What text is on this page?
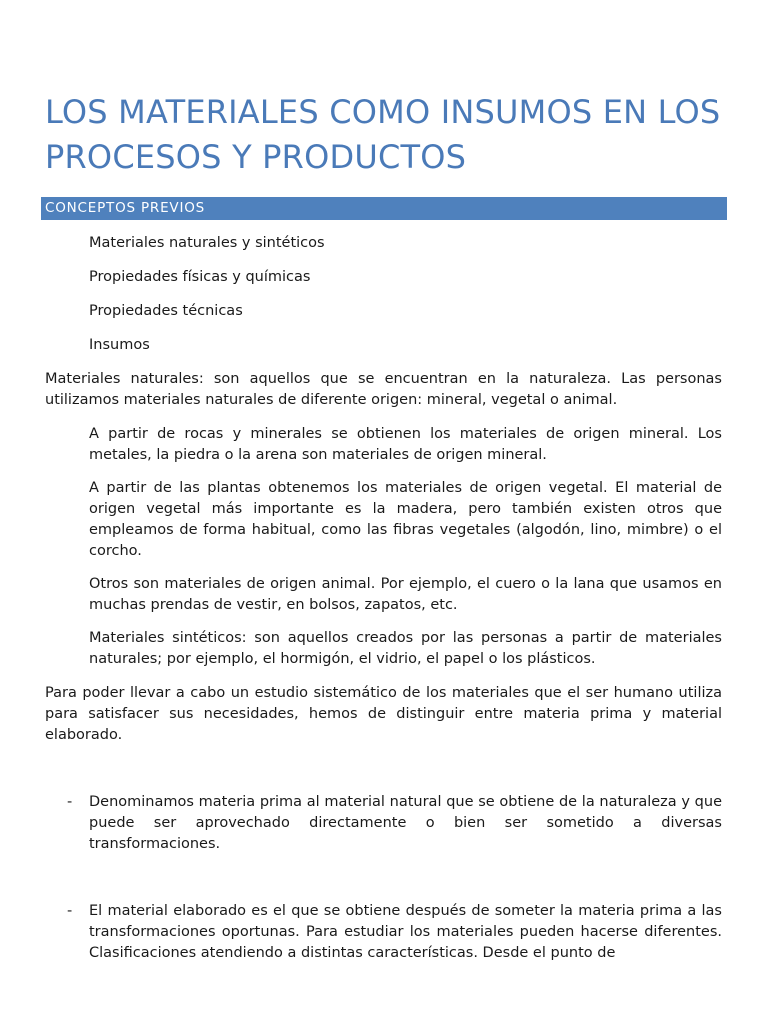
LOS MATERIALES COMO INSUMOS EN LOS PROCESOS Y PRODUCTOS
CONCEPTOS PREVIOS
Materiales naturales y sintéticos
Propiedades físicas y químicas
Propiedades técnicas
Insumos

Materiales naturales: son aquellos que se encuentran en la naturaleza. Las personas utilizamos materiales naturales de diferente origen: mineral, vegetal o animal.

A partir de rocas y minerales se obtienen los materiales de origen mineral. Los metales, la piedra o la arena son materiales de origen mineral.

A partir de las plantas obtenemos los materiales de origen vegetal. El material de origen vegetal más importante es la madera, pero también existen otros que empleamos de forma habitual, como las fibras vegetales (algodón, lino, mimbre) o el corcho.

Otros son materiales de origen animal. Por ejemplo, el cuero o la lana que usamos en muchas prendas de vestir, en bolsos, zapatos, etc.

Materiales sintéticos: son aquellos creados por las personas a partir de materiales naturales; por ejemplo, el hormigón, el vidrio, el papel o los plásticos.

Para poder llevar a cabo un estudio sistemático de los materiales que el ser humano utiliza para satisfacer sus necesidades, hemos de distinguir entre materia prima y material elaborado.

- Denominamos materia prima al material natural que se obtiene de la naturaleza y que puede ser aprovechado directamente o bien ser sometido a diversas transformaciones.

- El material elaborado es el que se obtiene después de someter la materia prima a las transformaciones oportunas. Para estudiar los materiales pueden hacerse diferentes. Clasificaciones atendiendo a distintas características. Desde el punto de
